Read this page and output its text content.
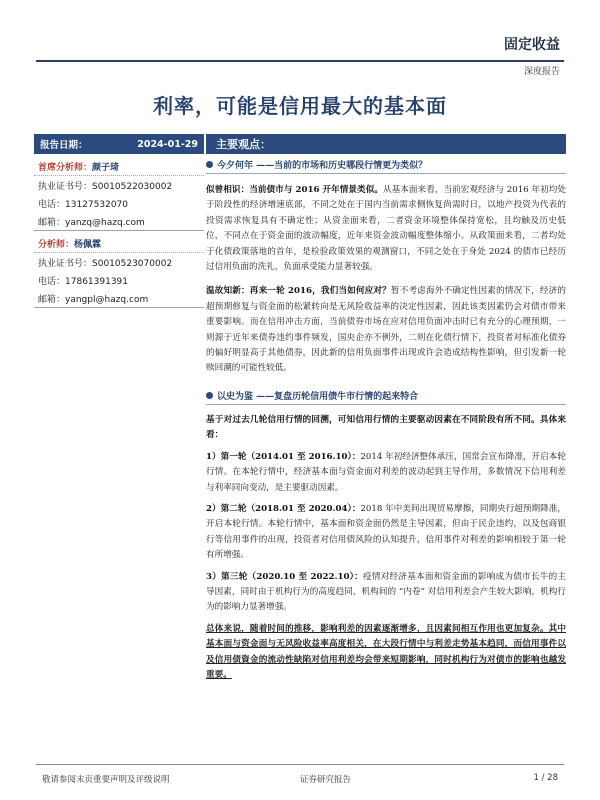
固定收益
深度报告
利率，可能是信用最大的基本面
报告日期：	2024-01-29
首席分析师：颜子琦
执业证书号：S0010522030002
电话：13127532070
邮箱：yanzq@hazq.com
分析师：杨佩霖
执业证书号：S0010523070002
电话：17861391391
邮箱：yangpl@hazq.com
主要观点：
今夕何年 ——当前的市场和历史哪段行情更为类似？

似曾相识：当前债市与 2016 开年情景类似。从基本面来看，当前宏观经济与 2016 年初均处于阶段性的经济增速底部，不同之处在于国内当前需求侧恢复尚需时日，以地产投资为代表的投资需求恢复具有不确定性；从资金面来看，二者资金环境整体保持宽松，且均触及历史低位，不同点在于资金面的波动幅度，近年来资金波动幅度整体缩小。从政策面来看，二者均处于化债政策落地的首年，是检验政策效果的观测窗口，不同之处在于身处 2024 的债市已经历过信用负面的洗礼，负面承受能力显著较强。

温故知新：再来一轮 2016，我们当如何应对？暂不考虑海外不确定性因素的情况下，经济的超预期修复与资金面的松紧转向是无风险收益率的决定性因素，因此该类因素仍会对债市带来重要影响。而在信用冲击方面，当前债券市场在应对信用负面冲击时已有充分的心理预期，一则源于近年来债券违约事件频发，国央企亦不例外，二则在化债行情下，投资者对标准化债券的偏好明显高于其他债券，因此新的信用负面事件出现或许会造成结构性影响，但引发新一轮赎回潮的可能性较低。

以史为鉴 ——复盘历轮信用债牛市行情的起来特合

基于对过去几轮信用行情的回溯，可知信用行情的主要驱动因素在不同阶段有所不同。具体来看：

1）第一轮（2014.01 至 2016.10）：2014 年初经济整体承压，国常会宣布降准，开启本轮行情。在本轮行情中，经济基本面与资金面对利差的波动起到主导作用，多数情况下信用利差与利率同向变动，是主要驱动因素。

2）第二轮（2018.01 至 2020.04）：2018 年中美间出现贸易摩擦，同期央行超预期降准，开启本轮行情。本轮行情中，基本面和资金面仍然是主导因素，但由于民企违约，以及包商银行等信用事件的出现，投资者对信用债风险的认知提升，信用事件对利差的影响相较于第一轮有所增强。

3）第三轮（2020.10 至 2022.10）：疫情对经济基本面和资金面的影响成为债市长牛的主导因素，同时由于机构行为的高度趋同，机构间的 “内卷” 对信用利差会产生较大影响，机构行为的影响力显著增强。

总体来说，随着时间的推移，影响利差的因素逐渐增多，且因素间相互作用也更加复杂。其中基本面与资金面与无风险收益率高度相关，在大段行情中与利差走势基本趋同，而信用事件以及信用债資金的流动性缺陷对信用利差均会带来短期影响，同时机构行为对债市的影响也越发重要。

敬请参阅末页重要声明及评级说明	证券研究报告	1 / 28
